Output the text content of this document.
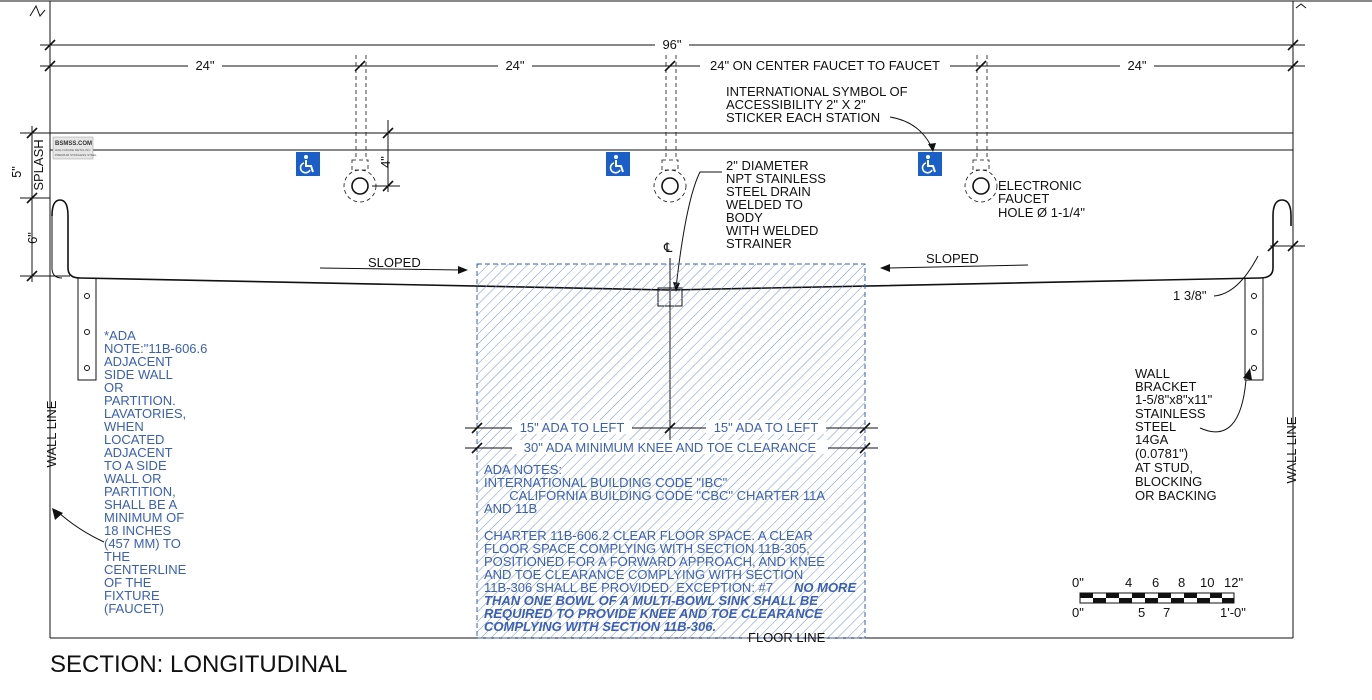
96"
24"	24"	24" ON CENTER FAUCET TO FAUCET	24"
BSMSS.COM
HIGH GRADE METAL INC
PREMIUM STAINLESS STEEL
5" SPLASH
6"
4"
INTERNATIONAL SYMBOL OF
ACCESSIBILITY 2" X 2"
STICKER EACH STATION
2" DIAMETER
NPT STAINLESS
STEEL DRAIN
WELDED TO
BODY
WITH WELDED
STRAINER
ELECTRONIC
FAUCET
HOLE Ø 1-1/4"
℄
SLOPED	SLOPED
1 3/8"
WALL
BRACKET
1-5/8"x8"x11"
STAINLESS
STEEL
14GA
(0.0781")
AT STUD,
BLOCKING
OR BACKING
WALL LINE	WALL LINE
*ADA
NOTE:"11B-606.6
ADJACENT
SIDE WALL
OR
PARTITION.
LAVATORIES,
WHEN
LOCATED
ADJACENT
TO A SIDE
WALL OR
PARTITION,
SHALL BE A
MINIMUM OF
18 INCHES
(457 MM) TO
THE
CENTERLINE
OF THE
FIXTURE
(FAUCET)
15" ADA TO LEFT	15" ADA TO LEFT
30" ADA MINIMUM KNEE AND TOE CLEARANCE
ADA NOTES:
INTERNATIONAL BUILDING CODE "IBC"
CALIFORNIA BUILDING CODE "CBC" CHARTER 11A
AND 11B
CHARTER 11B-606.2 CLEAR FLOOR SPACE. A CLEAR
FLOOR SPACE COMPLYING WITH SECTION 11B-305,
POSITIONED FOR A FORWARD APPROACH, AND KNEE
AND TOE CLEARANCE COMPLYING WITH SECTION
11B-306 SHALL BE PROVIDED. EXCEPTION: #7 NO MORE
THAN ONE BOWL OF A MULTI-BOWL SINK SHALL BE
REQUIRED TO PROVIDE KNEE AND TOE CLEARANCE
COMPLYING WITH SECTION 11B-306.
FLOOR LINE
0"	4 6 8 10 12"
0"	5 7	1'-0"
SECTION: LONGITUDINAL
